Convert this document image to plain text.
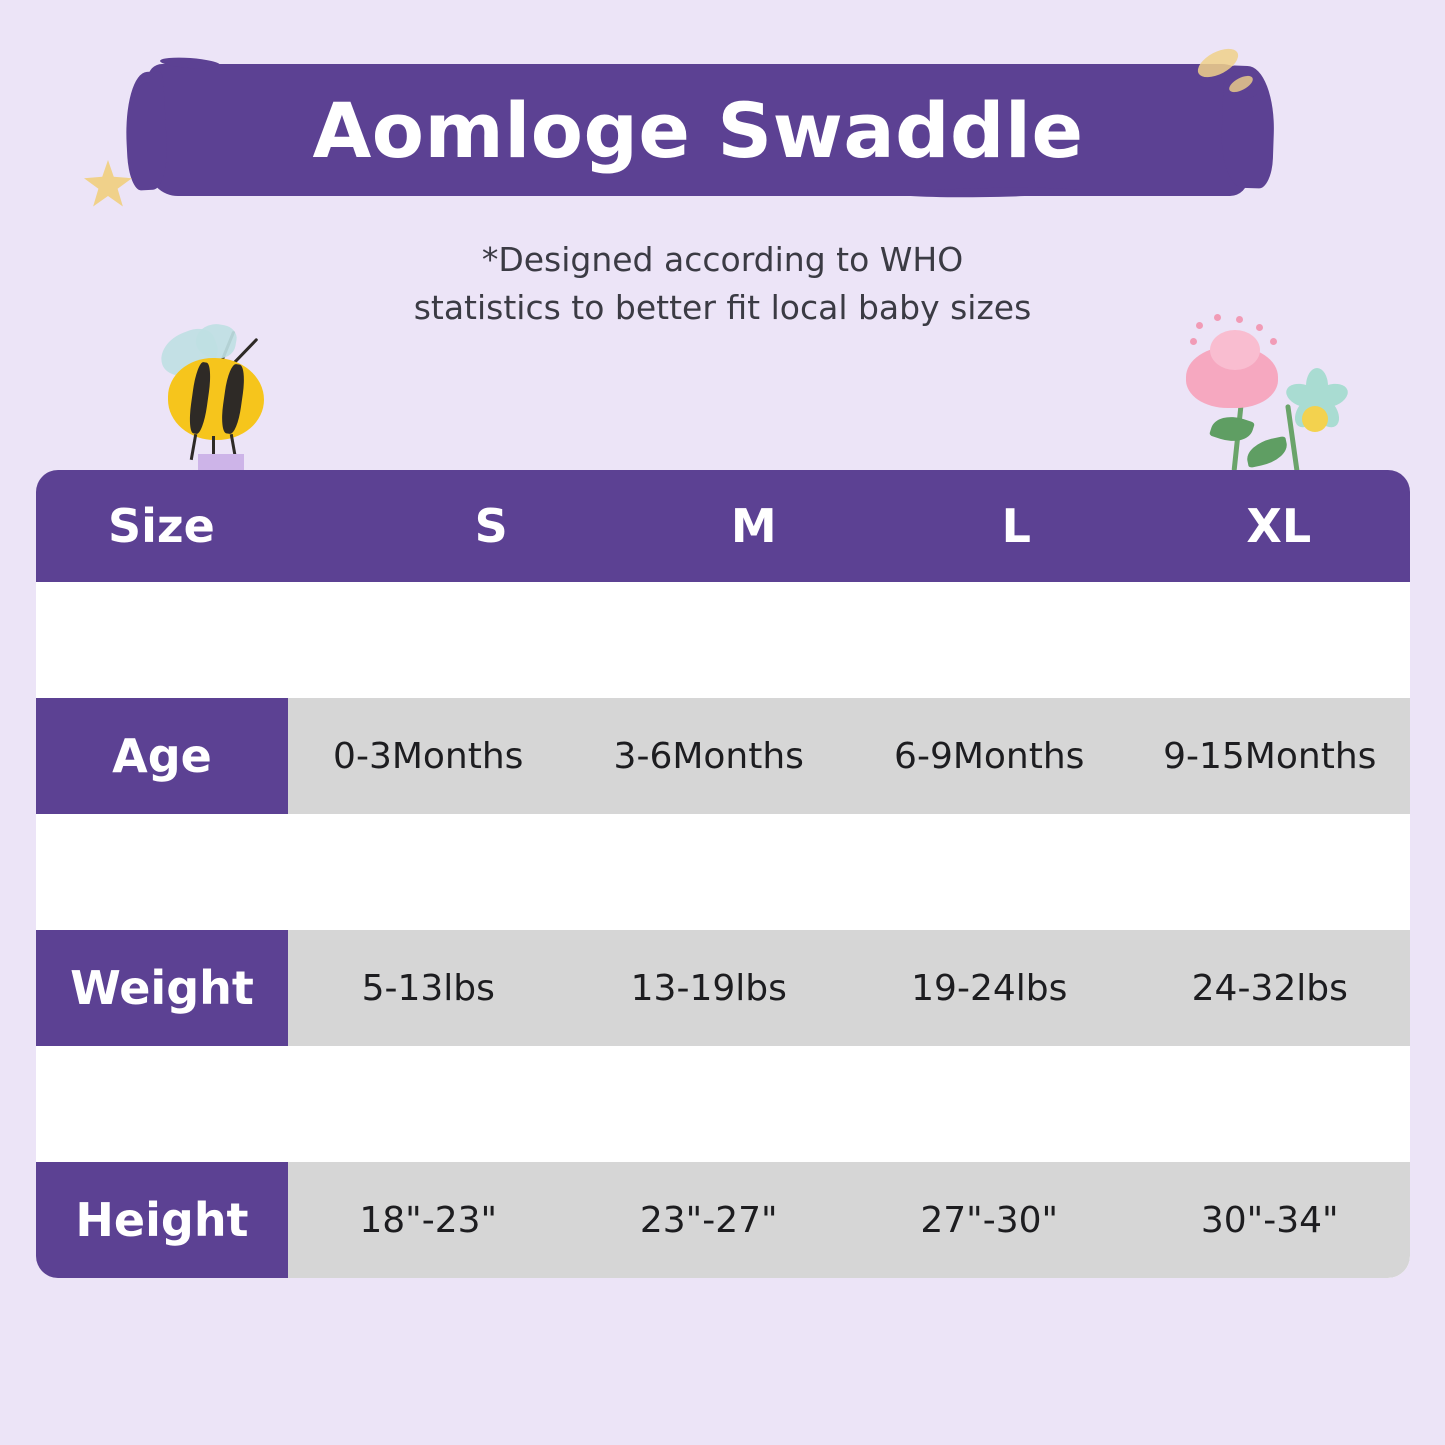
Aomloge Swaddle
*Designed according to WHO
statistics to better fit local baby sizes
Size	S	M	L	XL
Age	0-3Months	3-6Months	6-9Months	9-15Months
Weight	5-13lbs	13-19lbs	19-24lbs	24-32lbs
Height	18"-23"	23"-27"	27"-30"	30"-34"
